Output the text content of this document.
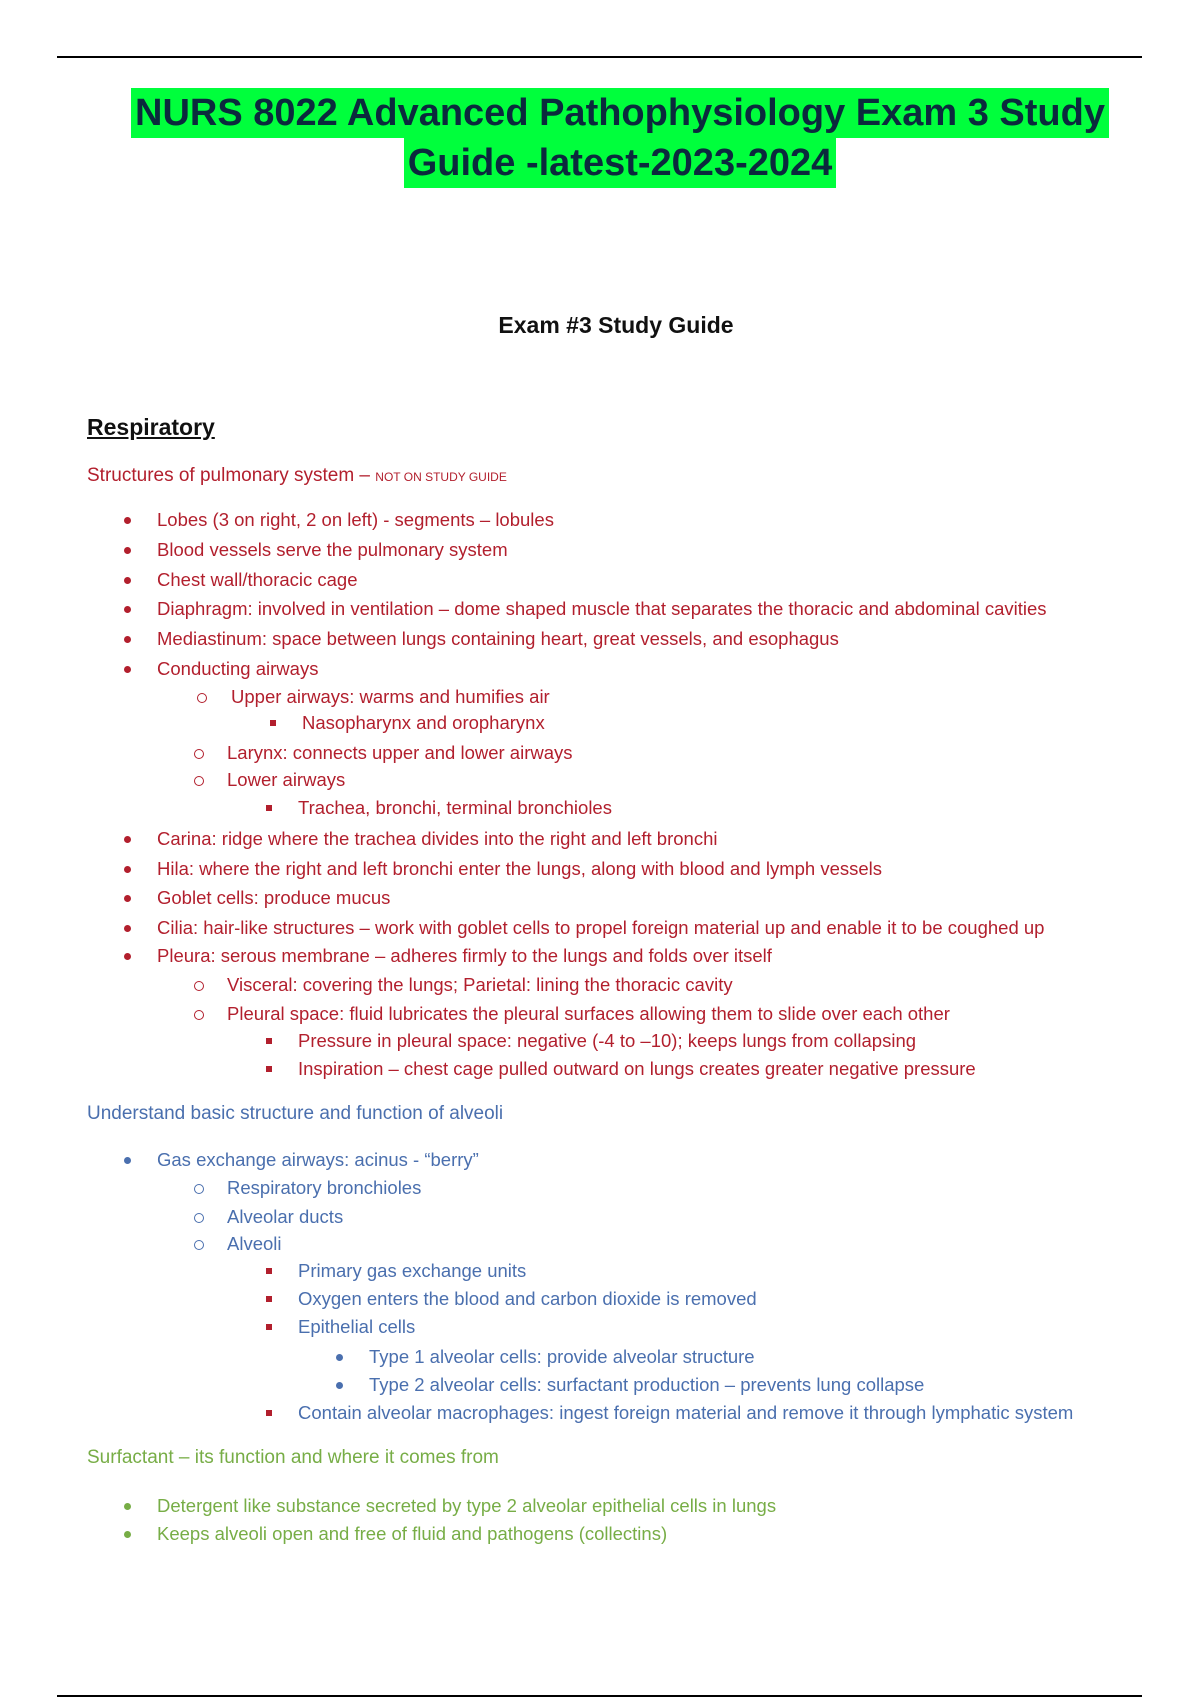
NURS 8022 Advanced Pathophysiology Exam 3 Study
Guide -latest-2023-2024
Exam #3 Study Guide
Respiratory
Structures of pulmonary system – NOT ON STUDY GUIDE
Lobes (3 on right, 2 on left) - segments – lobules
Blood vessels serve the pulmonary system
Chest wall/thoracic cage
Diaphragm: involved in ventilation – dome shaped muscle that separates the thoracic and abdominal cavities
Mediastinum: space between lungs containing heart, great vessels, and esophagus
Conducting airways
Upper airways: warms and humifies air
Nasopharynx and oropharynx
Larynx: connects upper and lower airways
Lower airways
Trachea, bronchi, terminal bronchioles
Carina: ridge where the trachea divides into the right and left bronchi
Hila: where the right and left bronchi enter the lungs, along with blood and lymph vessels
Goblet cells: produce mucus
Cilia: hair-like structures – work with goblet cells to propel foreign material up and enable it to be coughed up
Pleura: serous membrane – adheres firmly to the lungs and folds over itself
Visceral: covering the lungs; Parietal: lining the thoracic cavity
Pleural space: fluid lubricates the pleural surfaces allowing them to slide over each other
Pressure in pleural space: negative (-4 to –10); keeps lungs from collapsing
Inspiration – chest cage pulled outward on lungs creates greater negative pressure
Understand basic structure and function of alveoli
Gas exchange airways: acinus - “berry”
Respiratory bronchioles
Alveolar ducts
Alveoli
Primary gas exchange units
Oxygen enters the blood and carbon dioxide is removed
Epithelial cells
Type 1 alveolar cells: provide alveolar structure
Type 2 alveolar cells: surfactant production – prevents lung collapse
Contain alveolar macrophages: ingest foreign material and remove it through lymphatic system
Surfactant – its function and where it comes from
Detergent like substance secreted by type 2 alveolar epithelial cells in lungs
Keeps alveoli open and free of fluid and pathogens (collectins)
